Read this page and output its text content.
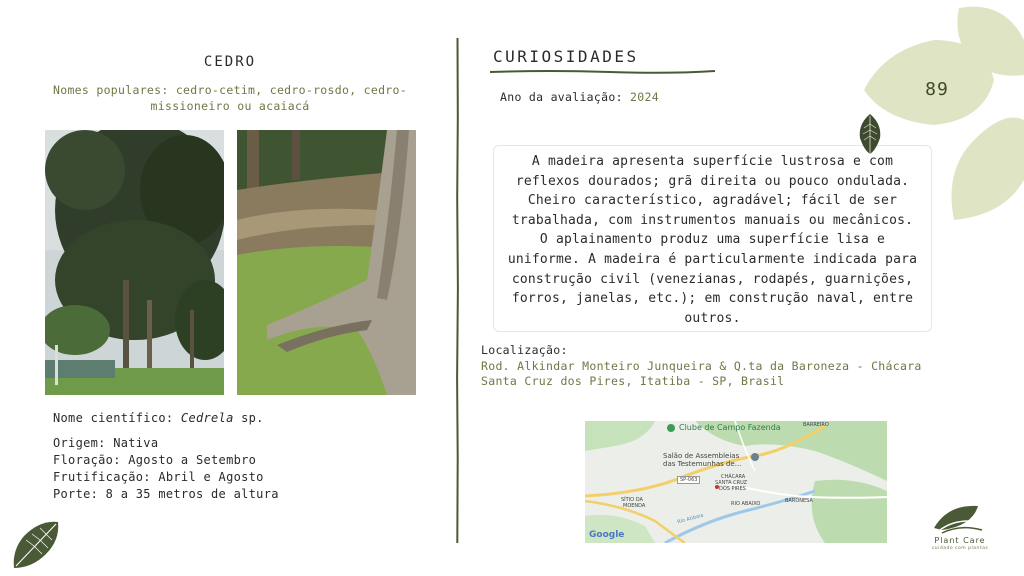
CEDRO
Nomes populares: cedro-cetim, cedro-rosdo, cedro-missioneiro ou acaiacá
Nome científico: Cedrela sp.
Origem: Nativa
Floração: Agosto a Setembro
Frutificação: Abril e Agosto
Porte: 8 a 35 metros de altura
CURIOSIDADES
Ano da avaliação: 2024
A madeira apresenta superfície lustrosa e com reflexos dourados; grã direita ou pouco ondulada. Cheiro característico, agradável; fácil de ser trabalhada, com instrumentos manuais ou mecânicos. O aplainamento produz uma superfície lisa e uniforme. A madeira é particularmente indicada para construção civil (venezianas, rodapés, guarnições, forros, janelas, etc.); em construção naval, entre outros.
Localização:
Rod. Alkindar Monteiro Junqueira & Q.ta da Baroneza - Chácara Santa Cruz dos Pires, Itatiba - SP, Brasil
Clube de Campo Fazenda	BARREIRO
Salão de Assembleias
das Testemunhas de...
SP-063	CHÁCARA
SANTA CRUZ
DOS PIRES
BARONESA
SÍTIO DA
MOENDA	RIO ABAIXO
Rio Atibaia
Google
89
Plant Care
cuidado com plantas
